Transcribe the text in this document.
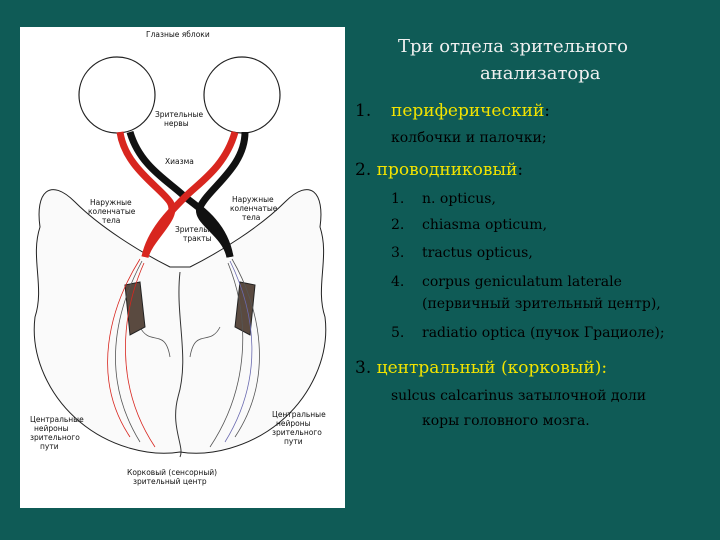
Глазные яблоки
Зрительные
нервы
Хиазма
Наружные
коленчатые
тела
Наружные
коленчатые
тела
Зрительные
тракты
Центральные
нейроны
зрительного
пути
Центральные
нейроны
зрительного
пути
Корковый (сенсорный)
зрительный центр
Три отдела зрительного
анализатора
1. периферический:
колбочки и палочки;
2. проводниковый:
1. n. opticus,
2. chiasma opticum,
3. tractus opticus,
4. corpus geniculatum laterale
(первичный зрительный центр),
5. radiatio optica (пучок Грациоле);
3. центральный (корковый):
sulcus calcarinus затылочной доли
коры головного мозга.
